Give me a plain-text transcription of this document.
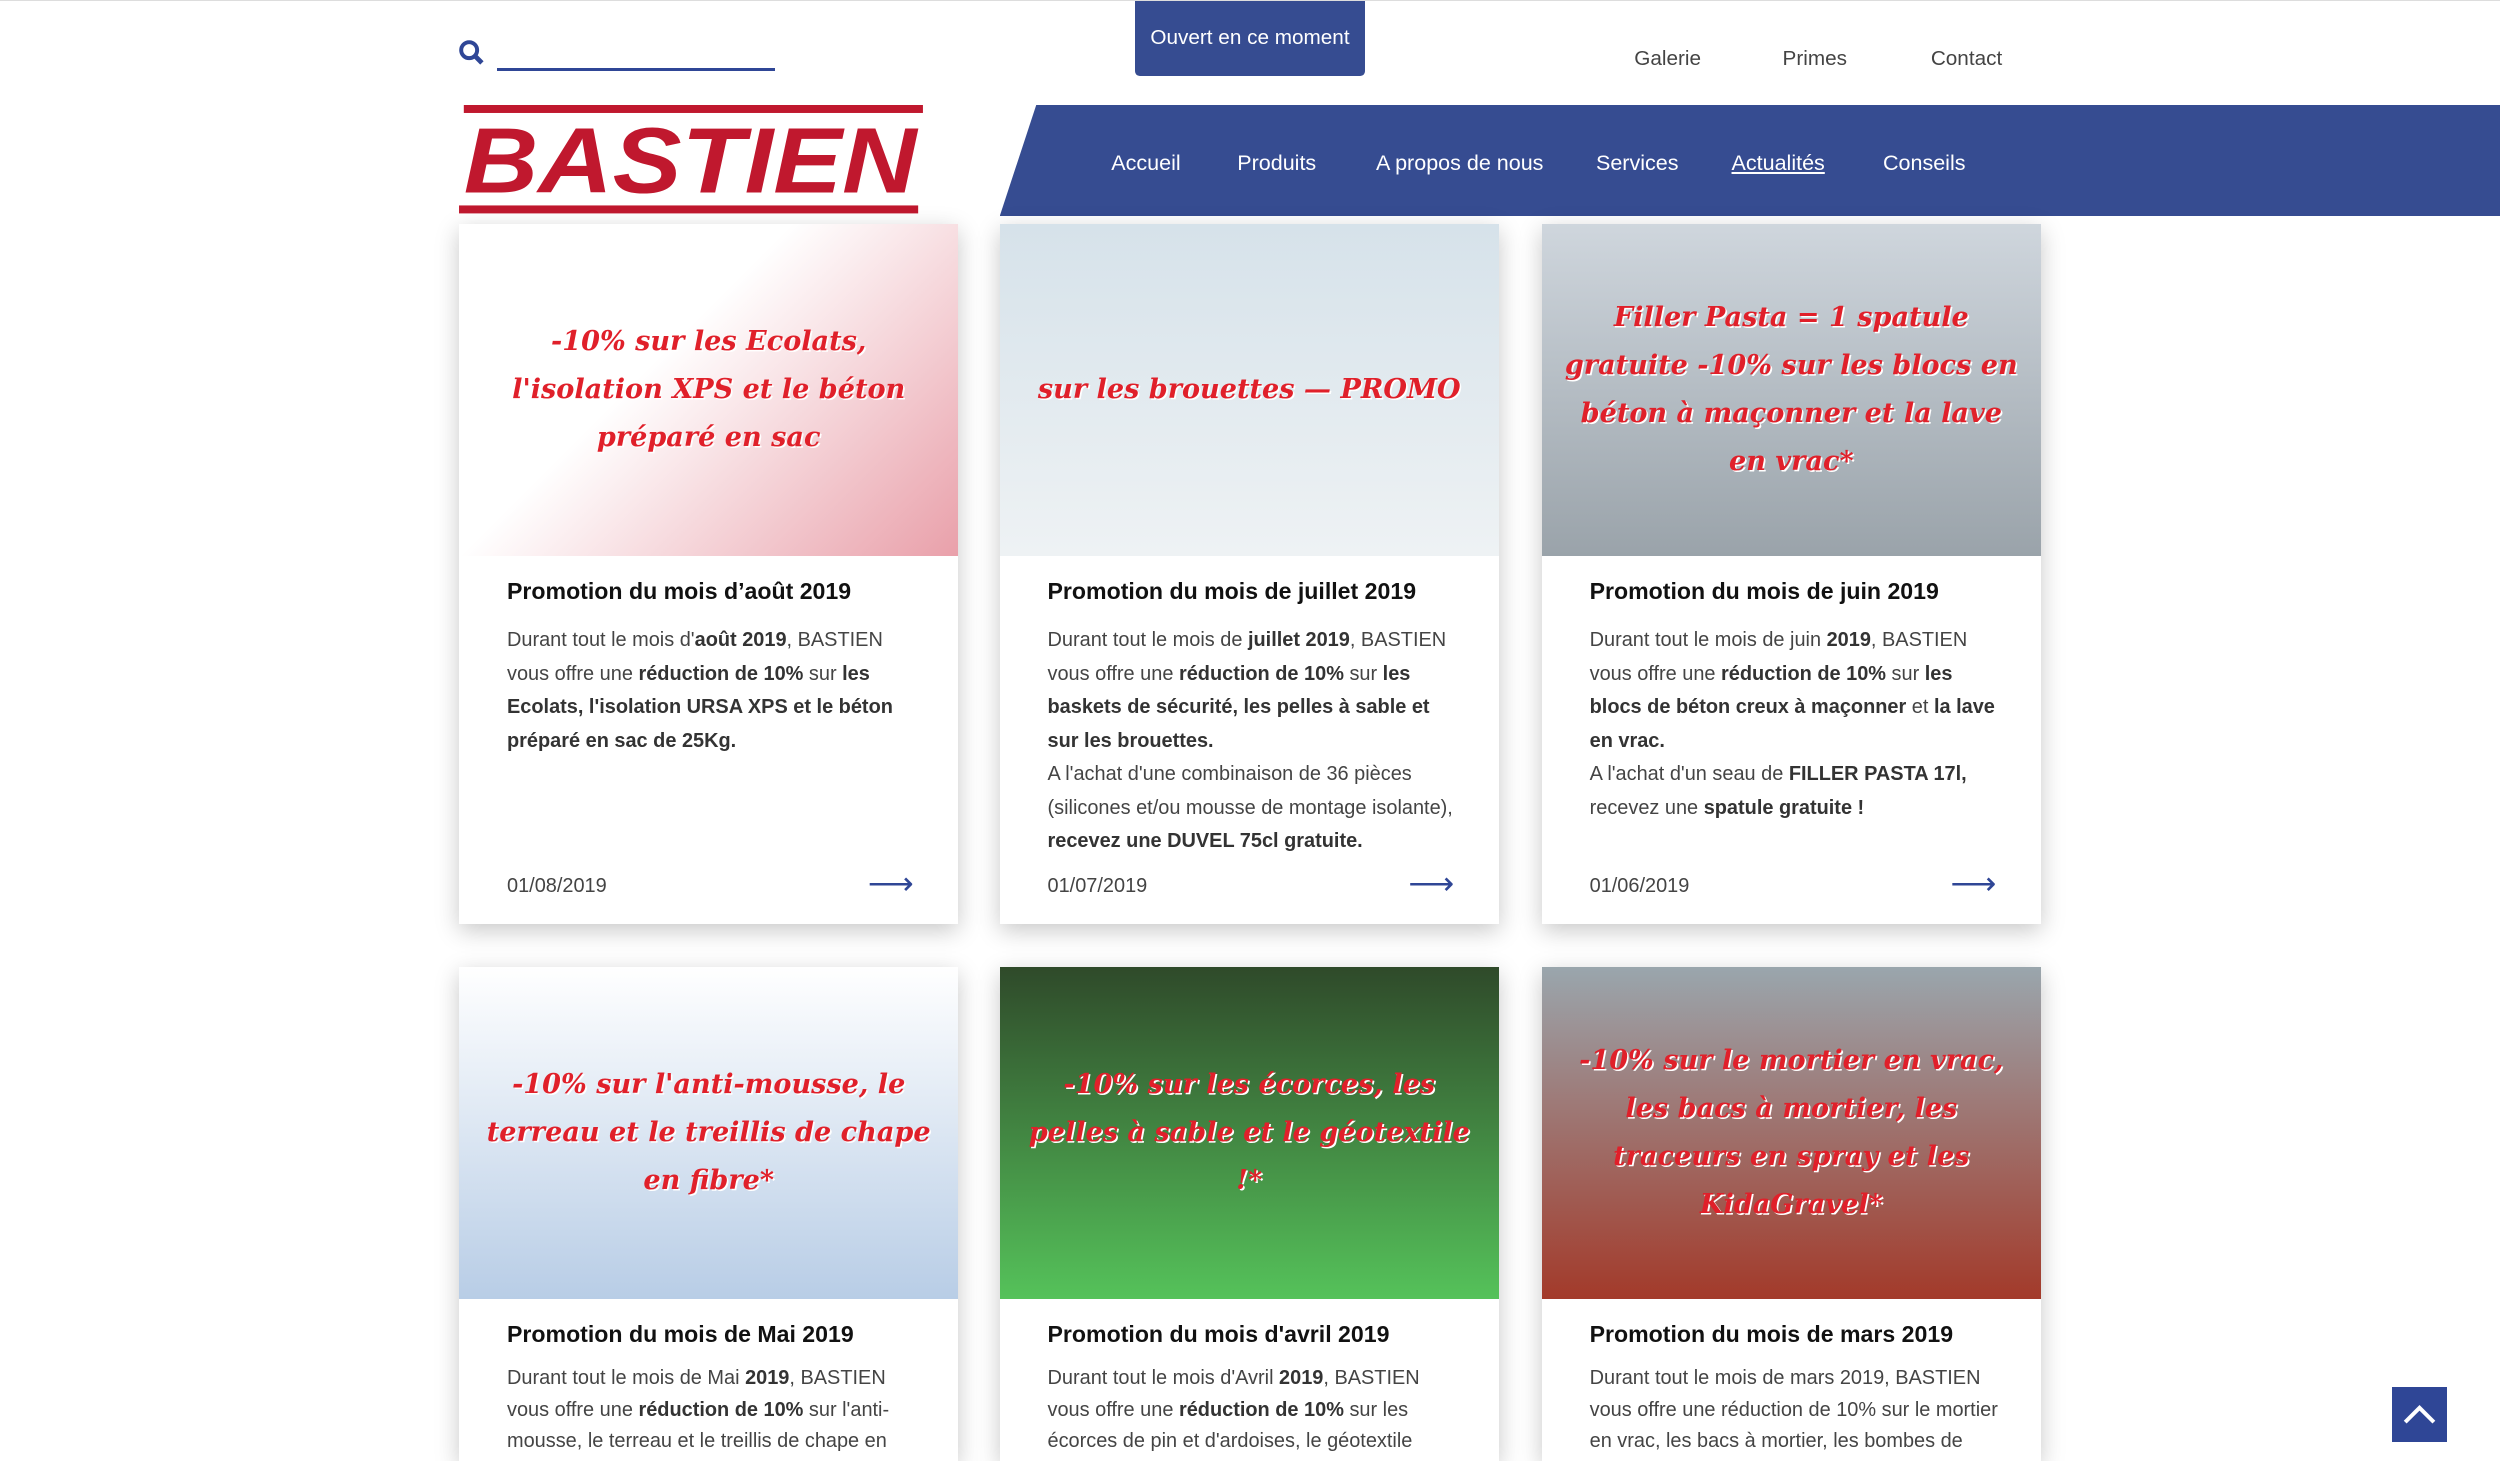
Ouvert en ce moment
Galerie	Primes	Contact
BASTIEN	Accueil	Produits	A propos de nous	Services	Actualités	Conseils
-10% sur les Ecolats, l'isolation XPS et le béton préparé en sac
Promotion du mois d’août 2019
Durant tout le mois d'août 2019, BASTIEN vous offre une réduction de 10% sur les Ecolats, l'isolation URSA XPS et le béton préparé en sac de 25Kg.
01/08/2019	⟶
sur les brouettes — PROMO
Promotion du mois de juillet 2019
Durant tout le mois de juillet 2019, BASTIEN vous offre une réduction de 10% sur les baskets de sécurité, les pelles à sable et sur les brouettes.
A l'achat d'une combinaison de 36 pièces (silicones et/ou mousse de montage isolante), recevez une DUVEL 75cl gratuite.
01/07/2019	⟶
Filler Pasta = 1 spatule gratuite -10% sur les blocs en béton à maçonner et la lave en vrac*
Promotion du mois de juin 2019
Durant tout le mois de juin 2019, BASTIEN vous offre une réduction de 10% sur les blocs de béton creux à maçonner et la lave en vrac.
A l'achat d'un seau de FILLER PASTA 17l, recevez une spatule gratuite !
01/06/2019	⟶
-10% sur l'anti-mousse, le terreau et le treillis de chape en fibre*
Promotion du mois de Mai 2019
Durant tout le mois de Mai 2019, BASTIEN vous offre une réduction de 10% sur l'anti-mousse, le terreau et le treillis de chape en
-10% sur les écorces, les pelles à sable et le géotextile !*
Promotion du mois d'avril 2019
Durant tout le mois d'Avril 2019, BASTIEN vous offre une réduction de 10% sur les écorces de pin et d'ardoises, le géotextile
-10% sur le mortier en vrac, les bacs à mortier, les traceurs en spray et les KidaGravel*
Promotion du mois de mars 2019
Durant tout le mois de mars 2019, BASTIEN vous offre une réduction de 10% sur le mortier en vrac, les bacs à mortier, les bombes de
